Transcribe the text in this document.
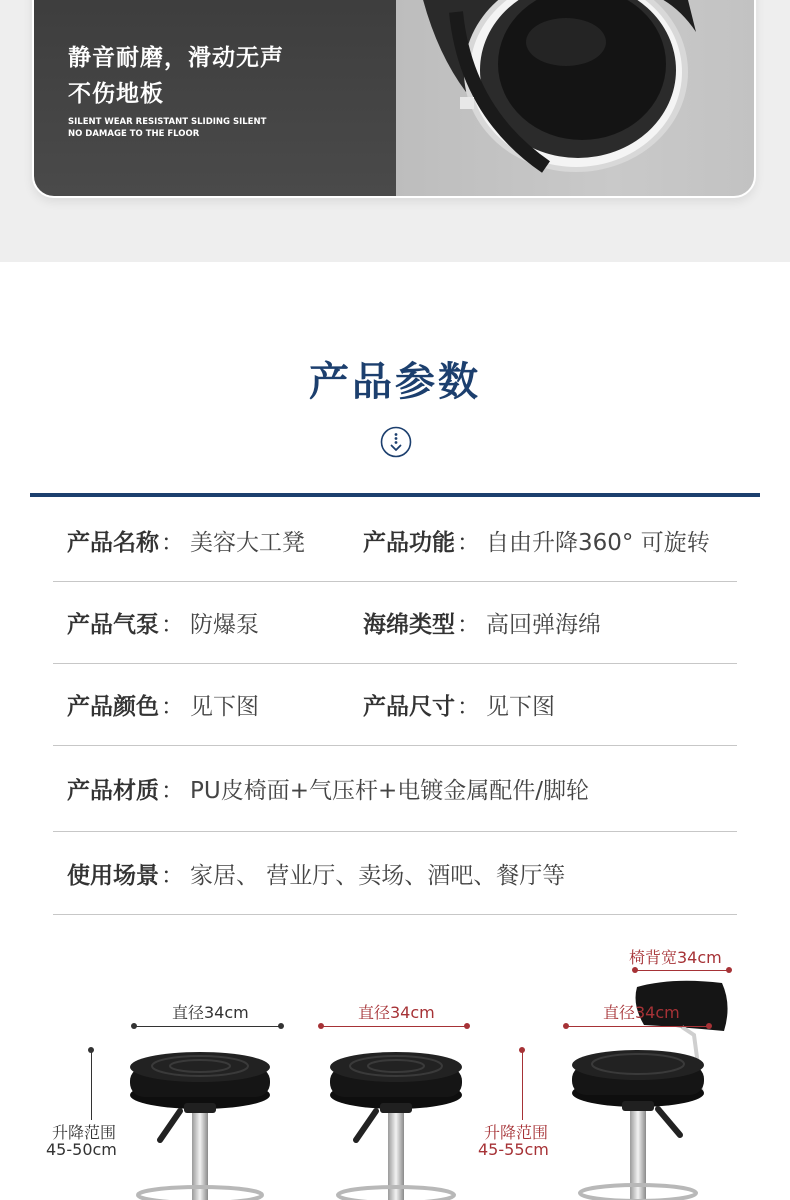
静音耐磨，滑动无声
不伤地板
SILENT WEAR RESISTANT SLIDING SILENT
NO DAMAGE TO THE FLOOR
产品参数
产品名称 ： 美容大工凳	产品功能 ： 自由升降360° 可旋转
产品气泵 ： 防爆泵	海绵类型 ： 高回弹海绵
产品颜色 ： 见下图	产品尺寸 ： 见下图
产品材质 ： PU皮椅面+气压杆+电镀金属配件/脚轮
使用场景 ： 家居、 营业厅、卖场、酒吧、餐厅等
直径34cm
升降范围
45-50cm
直径34cm
升降范围
45-55cm
椅背宽34cm
直径34cm
